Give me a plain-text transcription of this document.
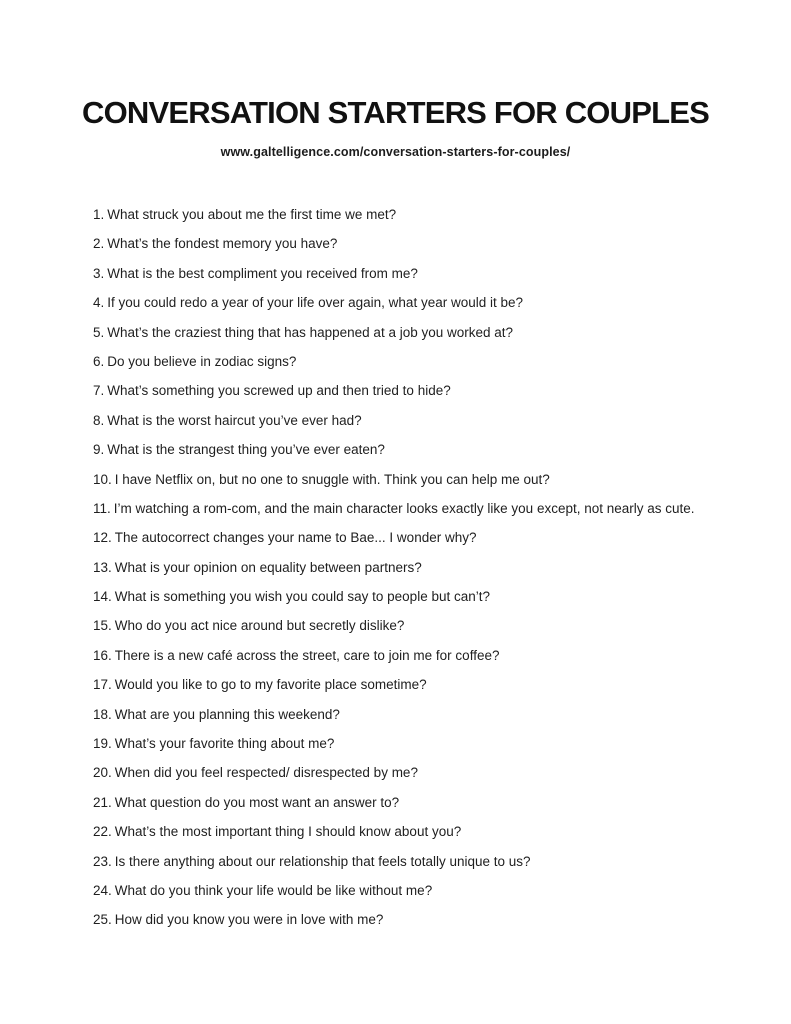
CONVERSATION STARTERS FOR COUPLES
www.galtelligence.com/conversation-starters-for-couples/
1. What struck you about me the first time we met?
2. What’s the fondest memory you have?
3. What is the best compliment you received from me?
4. If you could redo a year of your life over again, what year would it be?
5. What’s the craziest thing that has happened at a job you worked at?
6. Do you believe in zodiac signs?
7. What’s something you screwed up and then tried to hide?
8. What is the worst haircut you’ve ever had?
9. What is the strangest thing you’ve ever eaten?
10. I have Netflix on, but no one to snuggle with. Think you can help me out?
11. I’m watching a rom-com, and the main character looks exactly like you except, not nearly as cute.
12. The autocorrect changes your name to Bae... I wonder why?
13. What is your opinion on equality between partners?
14. What is something you wish you could say to people but can’t?
15. Who do you act nice around but secretly dislike?
16. There is a new café across the street, care to join me for coffee?
17. Would you like to go to my favorite place sometime?
18. What are you planning this weekend?
19. What’s your favorite thing about me?
20. When did you feel respected/ disrespected by me?
21. What question do you most want an answer to?
22. What’s the most important thing I should know about you?
23. Is there anything about our relationship that feels totally unique to us?
24. What do you think your life would be like without me?
25. How did you know you were in love with me?
